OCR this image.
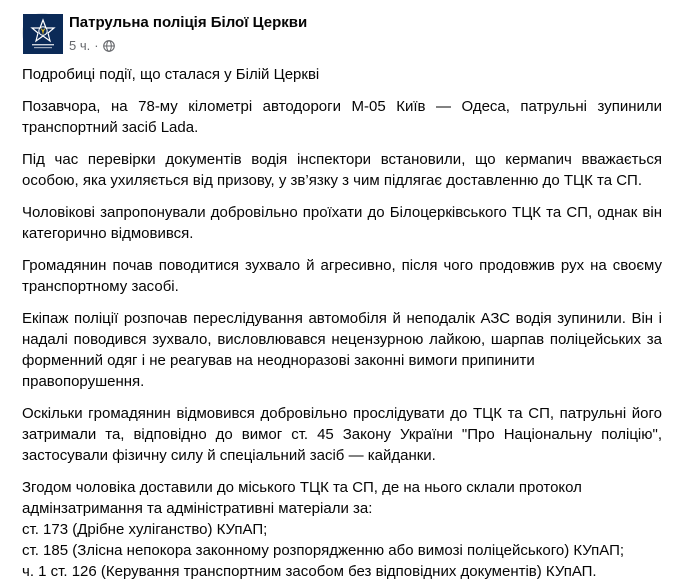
Патрульна поліція Білої Церкви
5 ч. ·
Подробиці події, що сталася у Білій Церкві
Позавчора, на 78-му кілометрі автодороги М-05 Київ — Одеса, патрульні зупинили
транспортний засіб Lada.
Під час перевірки документів водія інспектори встановили, що кермanич вважається
особою, яка ухиляється від призову, у зв’язку з чим підлягає доставленню до ТЦК та СП.
Чоловікові запропонували добровільно проїхати до Білоцерківського ТЦК та СП, однак він
категорично відмовився.
Громадянин почав поводитися зухвало й агресивно, після чого продовжив рух на своєму
транспортному засобі.
Екіпаж поліції розпочав переслідування автомобіля й неподалік АЗС водія зупинили. Він і
надалі поводився зухвало, висловлювався нецензурною лайкою, шарпав поліцейських за
форменний одяг і не реагував на неодноразові законні вимоги припинити
правопорушення.
Оскільки громадянин відмовився добровільно прослідувати до ТЦК та СП, патрульні його
затримали та, відповідно до вимог ст. 45 Закону України "Про Національну поліцію",
застосували фізичну силу й спеціальний засіб — кайданки.
Згодом чоловіка доставили до міського ТЦК та СП, де на нього склали протокол
адмінзатримання та адміністративні матеріали за:
ст. 173 (Дрібне хуліганство) КУпАП;
ст. 185 (Злісна непокора законному розпорядженню або вимозі поліцейського) КУпАП;
ч. 1 ст. 126 (Керування транспортним засобом без відповідних документів) КУпАП.
